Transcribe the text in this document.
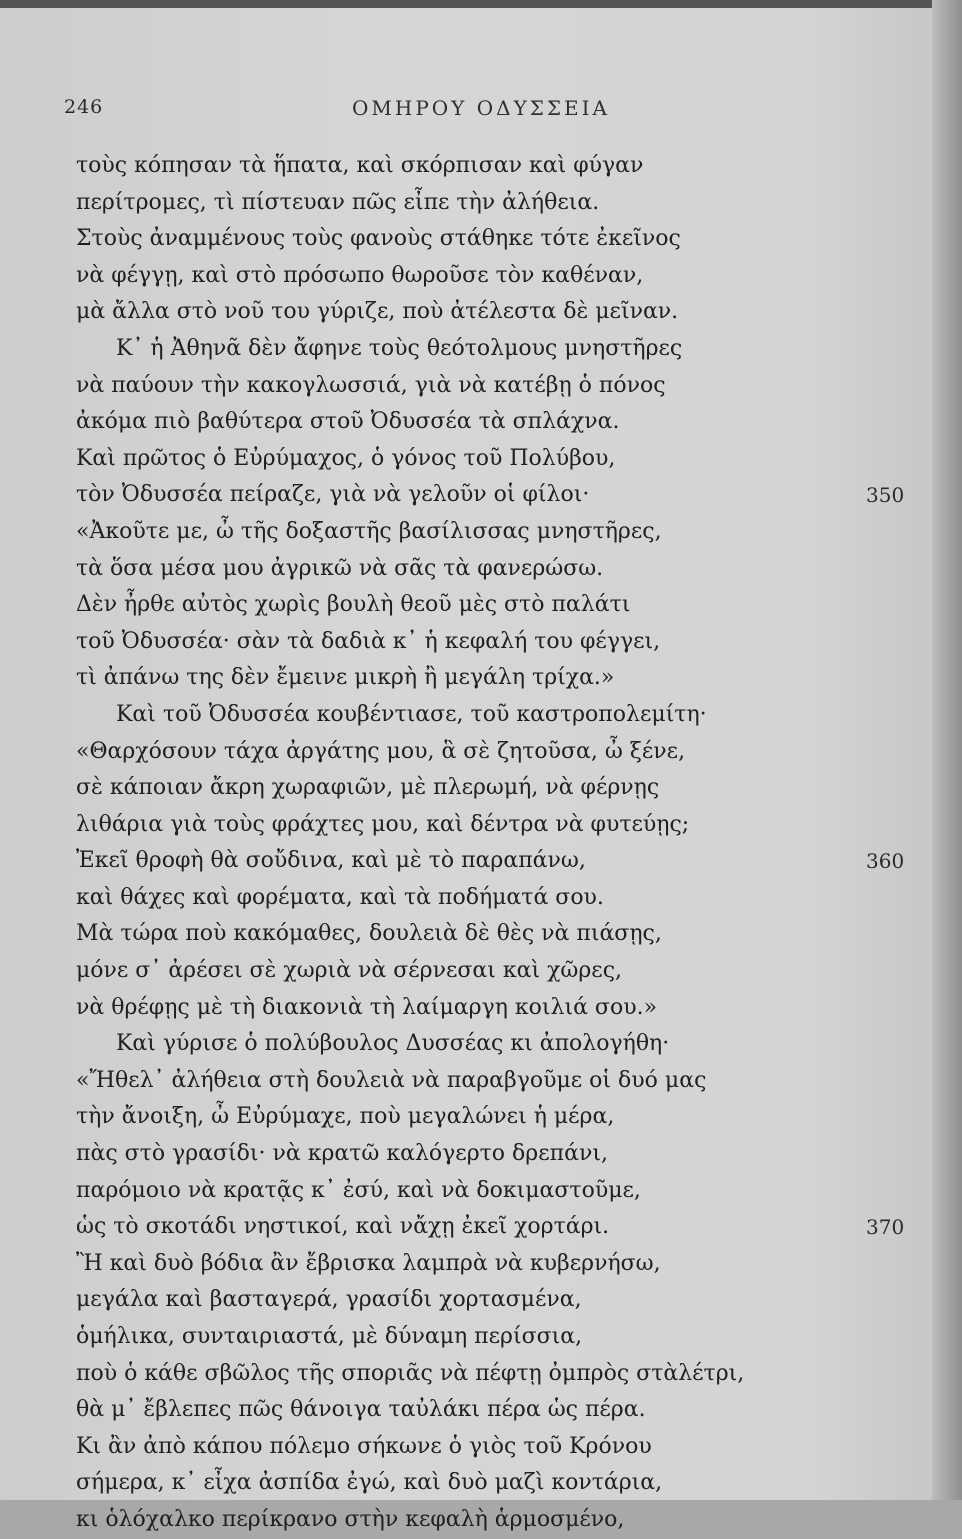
246	ΟΜΗΡΟΥ ΟΔΥΣΣΕΙΑ
τοὺς κόπησαν τὰ ἥπατα, καὶ σκόρπισαν καὶ φύγαν
περίτρομες, τὶ πίστευαν πῶς εἶπε τὴν ἀλήθεια.
Στοὺς ἀναμμένους τοὺς φανοὺς στάθηκε τότε ἐκεῖνος
νὰ φέγγῃ, καὶ στὸ πρόσωπο θωροῦσε τὸν καθέναν,
μὰ ἄλλα στὸ νοῦ του γύριζε, ποὺ ἀτέλεστα δὲ μεῖναν.
Κ᾿ ἡ Ἀθηνᾶ δὲν ἄφηνε τοὺς θεότολμους μνηστῆρες
νὰ παύουν τὴν κακογλωσσιά, γιὰ νὰ κατέβῃ ὁ πόνος
ἀκόμα πιὸ βαθύτερα στοῦ Ὀδυσσέα τὰ σπλάχνα.
Καὶ πρῶτος ὁ Εὐρύμαχος, ὁ γόνος τοῦ Πολύβου,
τὸν Ὀδυσσέα πείραζε, γιὰ νὰ γελοῦν οἱ φίλοι·	350
«Ἀκοῦτε με, ὦ τῆς δοξαστῆς βασίλισσας μνηστῆρες,
τὰ ὅσα μέσα μου ἀγρικῶ νὰ σᾶς τὰ φανερώσω.
Δὲν ἦρθε αὐτὸς χωρὶς βουλὴ θεοῦ μὲς στὸ παλάτι
τοῦ Ὀδυσσέα· σὰν τὰ δαδιὰ κ᾿ ἡ κεφαλή του φέγγει,
τὶ ἀπάνω της δὲν ἔμεινε μικρὴ ἢ μεγάλη τρίχα.»
Καὶ τοῦ Ὀδυσσέα κουβέντιασε, τοῦ καστροπολεμίτη·
«Θαρχόσουν τάχα ἀργάτης μου, ἃ σὲ ζητοῦσα, ὦ ξένε,
σὲ κάποιαν ἄκρη χωραφιῶν, μὲ πλερωμή, νὰ φέρνῃς
λιθάρια γιὰ τοὺς φράχτες μου, καὶ δέντρα νὰ φυτεύῃς;
Ἐκεῖ θροφὴ θὰ σοὔδινα, καὶ μὲ τὸ παραπάνω,	360
καὶ θάχες καὶ φορέματα, καὶ τὰ ποδήματά σου.
Μὰ τώρα ποὺ κακόμαθες, δουλειὰ δὲ θὲς νὰ πιάσῃς,
μόνε σ᾿ ἀρέσει σὲ χωριὰ νὰ σέρνεσαι καὶ χῶρες,
νὰ θρέφῃς μὲ τὴ διακονιὰ τὴ λαίμαργη κοιλιά σου.»
Καὶ γύρισε ὁ πολύβουλος Δυσσέας κι ἀπολογήθη·
«Ἤθελ᾿ ἀλήθεια στὴ δουλειὰ νὰ παραβγοῦμε οἱ δυό μας
τὴν ἄνοιξη, ὦ Εὐρύμαχε, ποὺ μεγαλώνει ἡ μέρα,
πὰς στὸ γρασίδι· νὰ κρατῶ καλόγερτο δρεπάνι,
παρόμοιο νὰ κρατᾷς κ᾿ ἐσύ, καὶ νὰ δοκιμαστοῦμε,
ὡς τὸ σκοτάδι νηστικοί, καὶ νἄχῃ ἐκεῖ χορτάρι.	370
Ἢ καὶ δυὸ βόδια ἂν ἔβρισκα λαμπρὰ νὰ κυβερνήσω,
μεγάλα καὶ βασταγερά, γρασίδι χορτασμένα,
ὁμήλικα, συνταιριαστά, μὲ δύναμη περίσσια,
ποὺ ὁ κάθε σβῶλος τῆς σποριᾶς νὰ πέφτῃ ὀμπρὸς στὰλέτρι,
θὰ μ᾿ ἔβλεπες πῶς θάνοιγα ταὐλάκι πέρα ὡς πέρα.
Κι ἂν ἀπὸ κάπου πόλεμο σήκωνε ὁ γιὸς τοῦ Κρόνου
σήμερα, κ᾿ εἶχα ἀσπίδα ἐγώ, καὶ δυὸ μαζὶ κοντάρια,
κι ὁλόχαλκο περίκρανο στὴν κεφαλὴ ἁρμοσμένο,
